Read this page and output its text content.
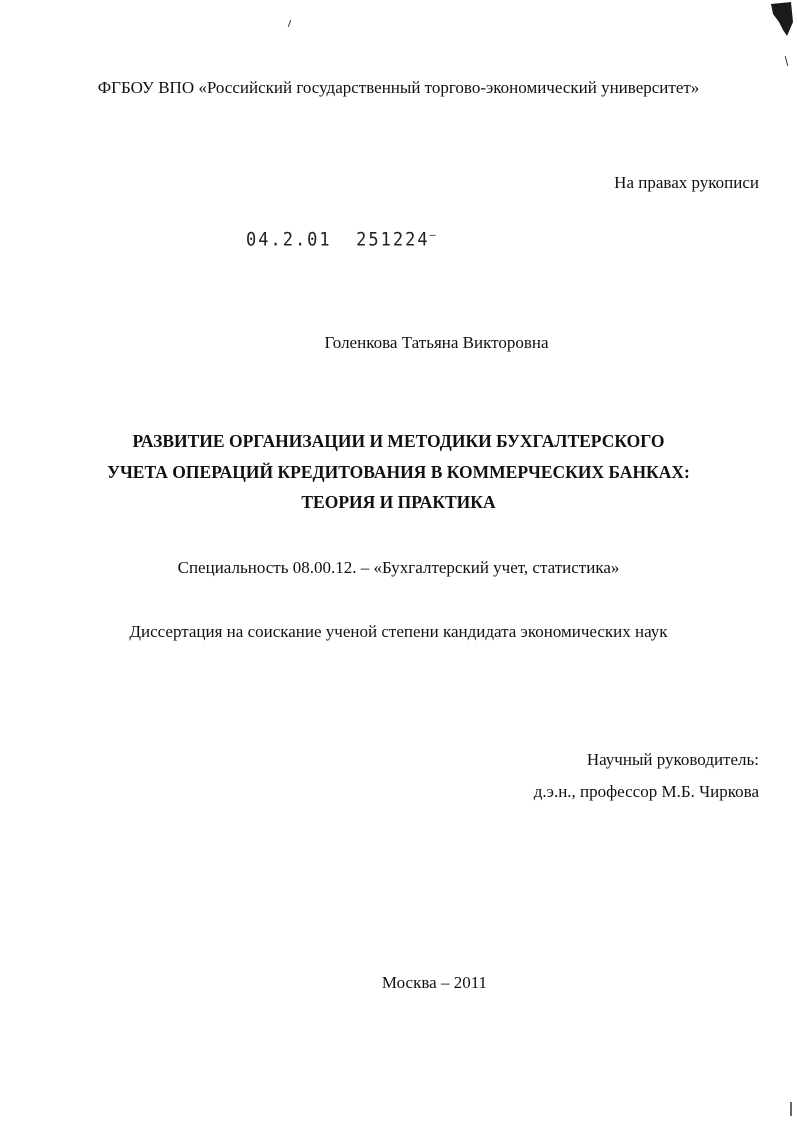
ФГБОУ ВПО «Российский государственный торгово-экономический университет»
На правах рукописи
04.2.01 251224–
Голенкова Татьяна Викторовна
РАЗВИТИЕ ОРГАНИЗАЦИИ И МЕТОДИКИ БУХГАЛТЕРСКОГО
УЧЕТА ОПЕРАЦИЙ КРЕДИТОВАНИЯ В КОММЕРЧЕСКИХ БАНКАХ:
ТЕОРИЯ И ПРАКТИКА
Специальность 08.00.12. – «Бухгалтерский учет, статистика»
Диссертация на соискание ученой степени кандидата экономических наук
Научный руководитель:
д.э.н., профессор М.Б. Чиркова
Москва – 2011
